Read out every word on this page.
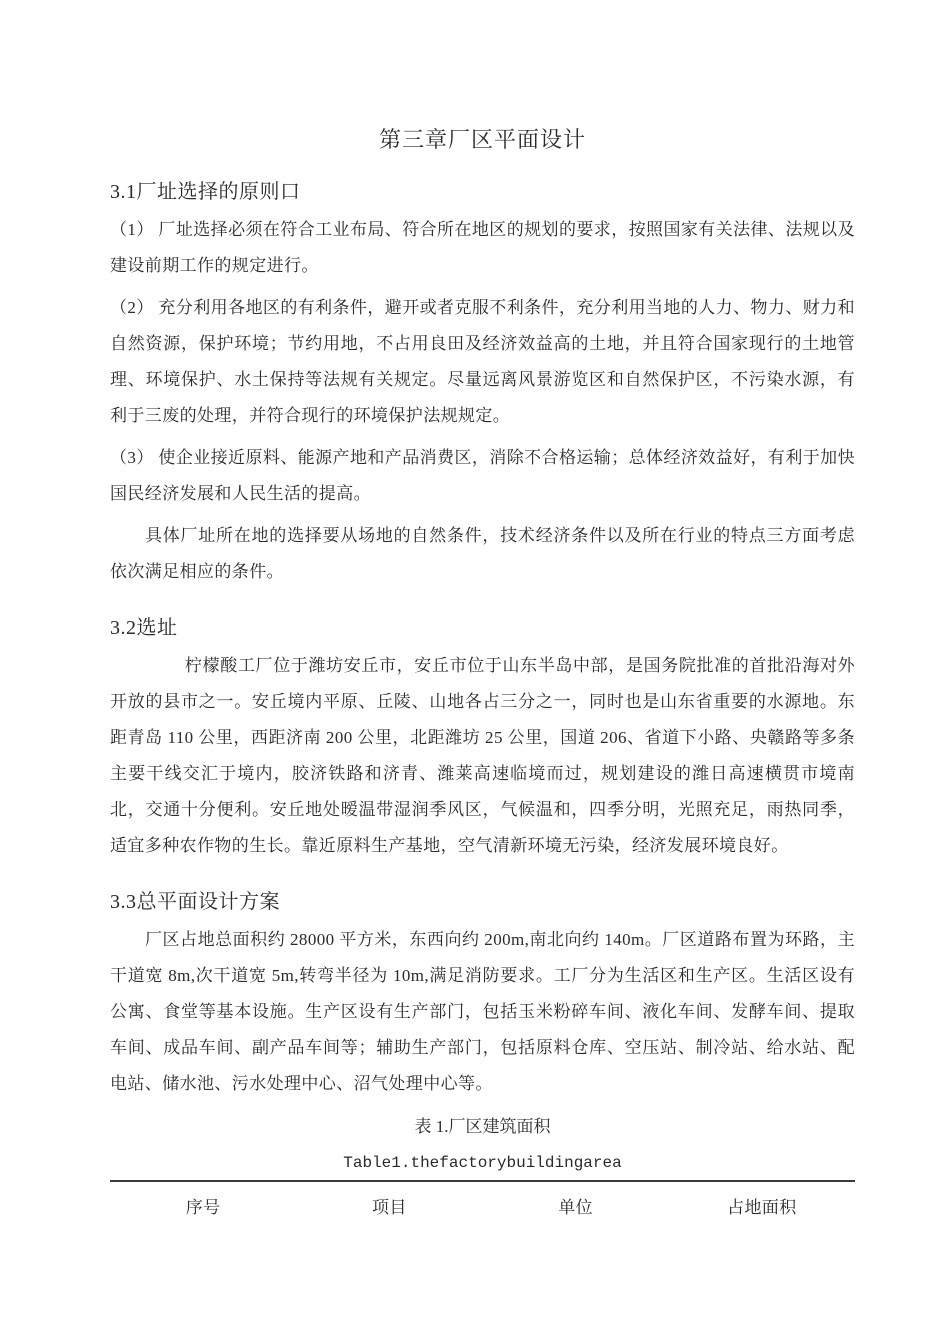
第三章厂区平面设计
3.1厂址选择的原则口

（1） 厂址选择必须在符合工业布局、符合所在地区的规划的要求，按照国家有关法律、法规以及建设前期工作的规定进行。

（2） 充分利用各地区的有利条件，避开或者克服不利条件，充分利用当地的人力、物力、财力和自然资源，保护环境；节约用地，不占用良田及经济效益高的土地，并且符合国家现行的土地管理、环境保护、水土保持等法规有关规定。尽量远离风景游览区和自然保护区，不污染水源，有利于三废的处理，并符合现行的环境保护法规规定。

（3） 使企业接近原料、能源产地和产品消费区，消除不合格运输；总体经济效益好，有利于加快国民经济发展和人民生活的提高。

具体厂址所在地的选择要从场地的自然条件，技术经济条件以及所在行业的特点三方面考虑依次满足相应的条件。

3.2选址

柠檬酸工厂位于潍坊安丘市，安丘市位于山东半岛中部，是国务院批准的首批沿海对外开放的县市之一。安丘境内平原、丘陵、山地各占三分之一，同时也是山东省重要的水源地。东距青岛 110 公里，西距济南 200 公里，北距潍坊 25 公里，国道 206、省道下小路、央赣路等多条主要干线交汇于境内，胶济铁路和济青、潍莱高速临境而过，规划建设的潍日高速横贯市境南北，交通十分便利。安丘地处暧温带湿润季风区，气候温和，四季分明，光照充足，雨热同季，适宜多种农作物的生长。靠近原料生产基地，空气清新环境无污染，经济发展环境良好。

3.3总平面设计方案

厂区占地总面积约 28000 平方米，东西向约 200m,南北向约 140m。厂区道路布置为环路，主干道宽 8m,次干道宽 5m,转弯半径为 10m,满足消防要求。工厂分为生活区和生产区。生活区设有公寓、食堂等基本设施。生产区设有生产部门，包括玉米粉碎车间、液化车间、发酵车间、提取车间、成品车间、副产品车间等；辅助生产部门，包括原料仓库、空压站、制冷站、给水站、配电站、储水池、污水处理中心、沼气处理中心等。

表 1.厂区建筑面积

Table1.thefactorybuildingarea

序号	项目	单位	占地面积
